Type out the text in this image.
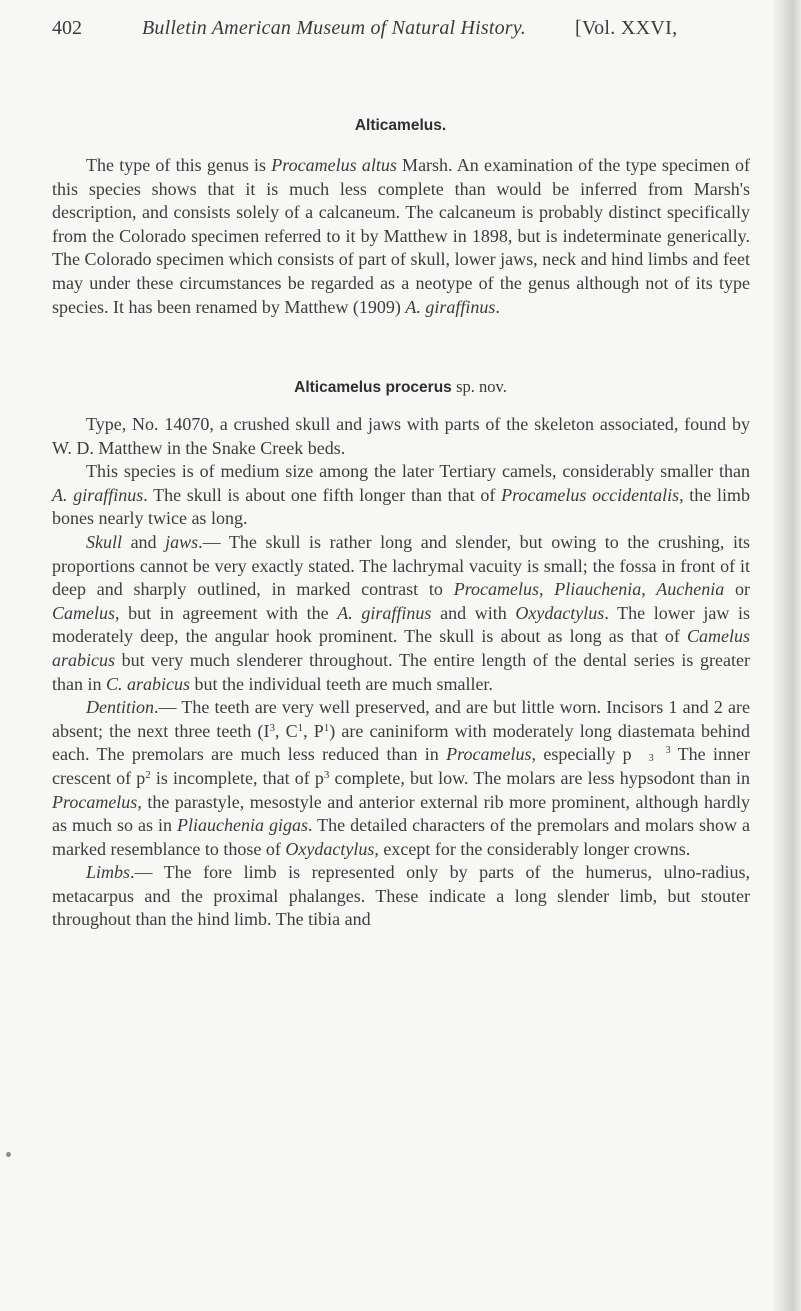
402	Bulletin American Museum of Natural History. [Vol. XXVI,
Alticamelus.

The type of this genus is Procamelus altus Marsh. An examination of the type specimen of this species shows that it is much less complete than would be inferred from Marsh's description, and consists solely of a calcaneum. The calcaneum is probably distinct specifically from the Colorado specimen referred to it by Matthew in 1898, but is indeterminate generically. The Colorado specimen which consists of part of skull, lower jaws, neck and hind limbs and feet may under these circumstances be regarded as a neotype of the genus although not of its type species. It has been renamed by Matthew (1909) A. giraffinus.

Alticamelus procerus sp. nov.

Type, No. 14070, a crushed skull and jaws with parts of the skeleton associated, found by W. D. Matthew in the Snake Creek beds.

This species is of medium size among the later Tertiary camels, considerably smaller than A. giraffinus. The skull is about one fifth longer than that of Procamelus occidentalis, the limb bones nearly twice as long.

Skull and jaws.— The skull is rather long and slender, but owing to the crushing, its proportions cannot be very exactly stated. The lachrymal vacuity is small; the fossa in front of it deep and sharply outlined, in marked contrast to Procamelus, Pliauchenia, Auchenia or Camelus, but in agreement with the A. giraffinus and with Oxydactylus. The lower jaw is moderately deep, the angular hook prominent. The skull is about as long as that of Camelus arabicus but very much slenderer throughout. The entire length of the dental series is greater than in C. arabicus but the individual teeth are much smaller.

Dentition.— The teeth are very well preserved, and are but little worn. Incisors 1 and 2 are absent; the next three teeth ($I^3$, $C^1$, $P^1$) are caniniform with moderately long diastemata behind each. The premolars are much less reduced than in Procamelus, especially p	3
3 The inner crescent of $p^2$ is incomplete, that of $p^3$ complete, but low. The molars are less hypsodont than in Procamelus, the parastyle, mesostyle and anterior external rib more prominent, although hardly as much so as in Pliauchenia gigas. The detailed characters of the premolars and molars show a marked resemblance to those of Oxydactylus, except for the considerably longer crowns.

Limbs.— The fore limb is represented only by parts of the humerus, ulno-radius, metacarpus and the proximal phalanges. These indicate a long slender limb, but stouter throughout than the hind limb. The tibia and
